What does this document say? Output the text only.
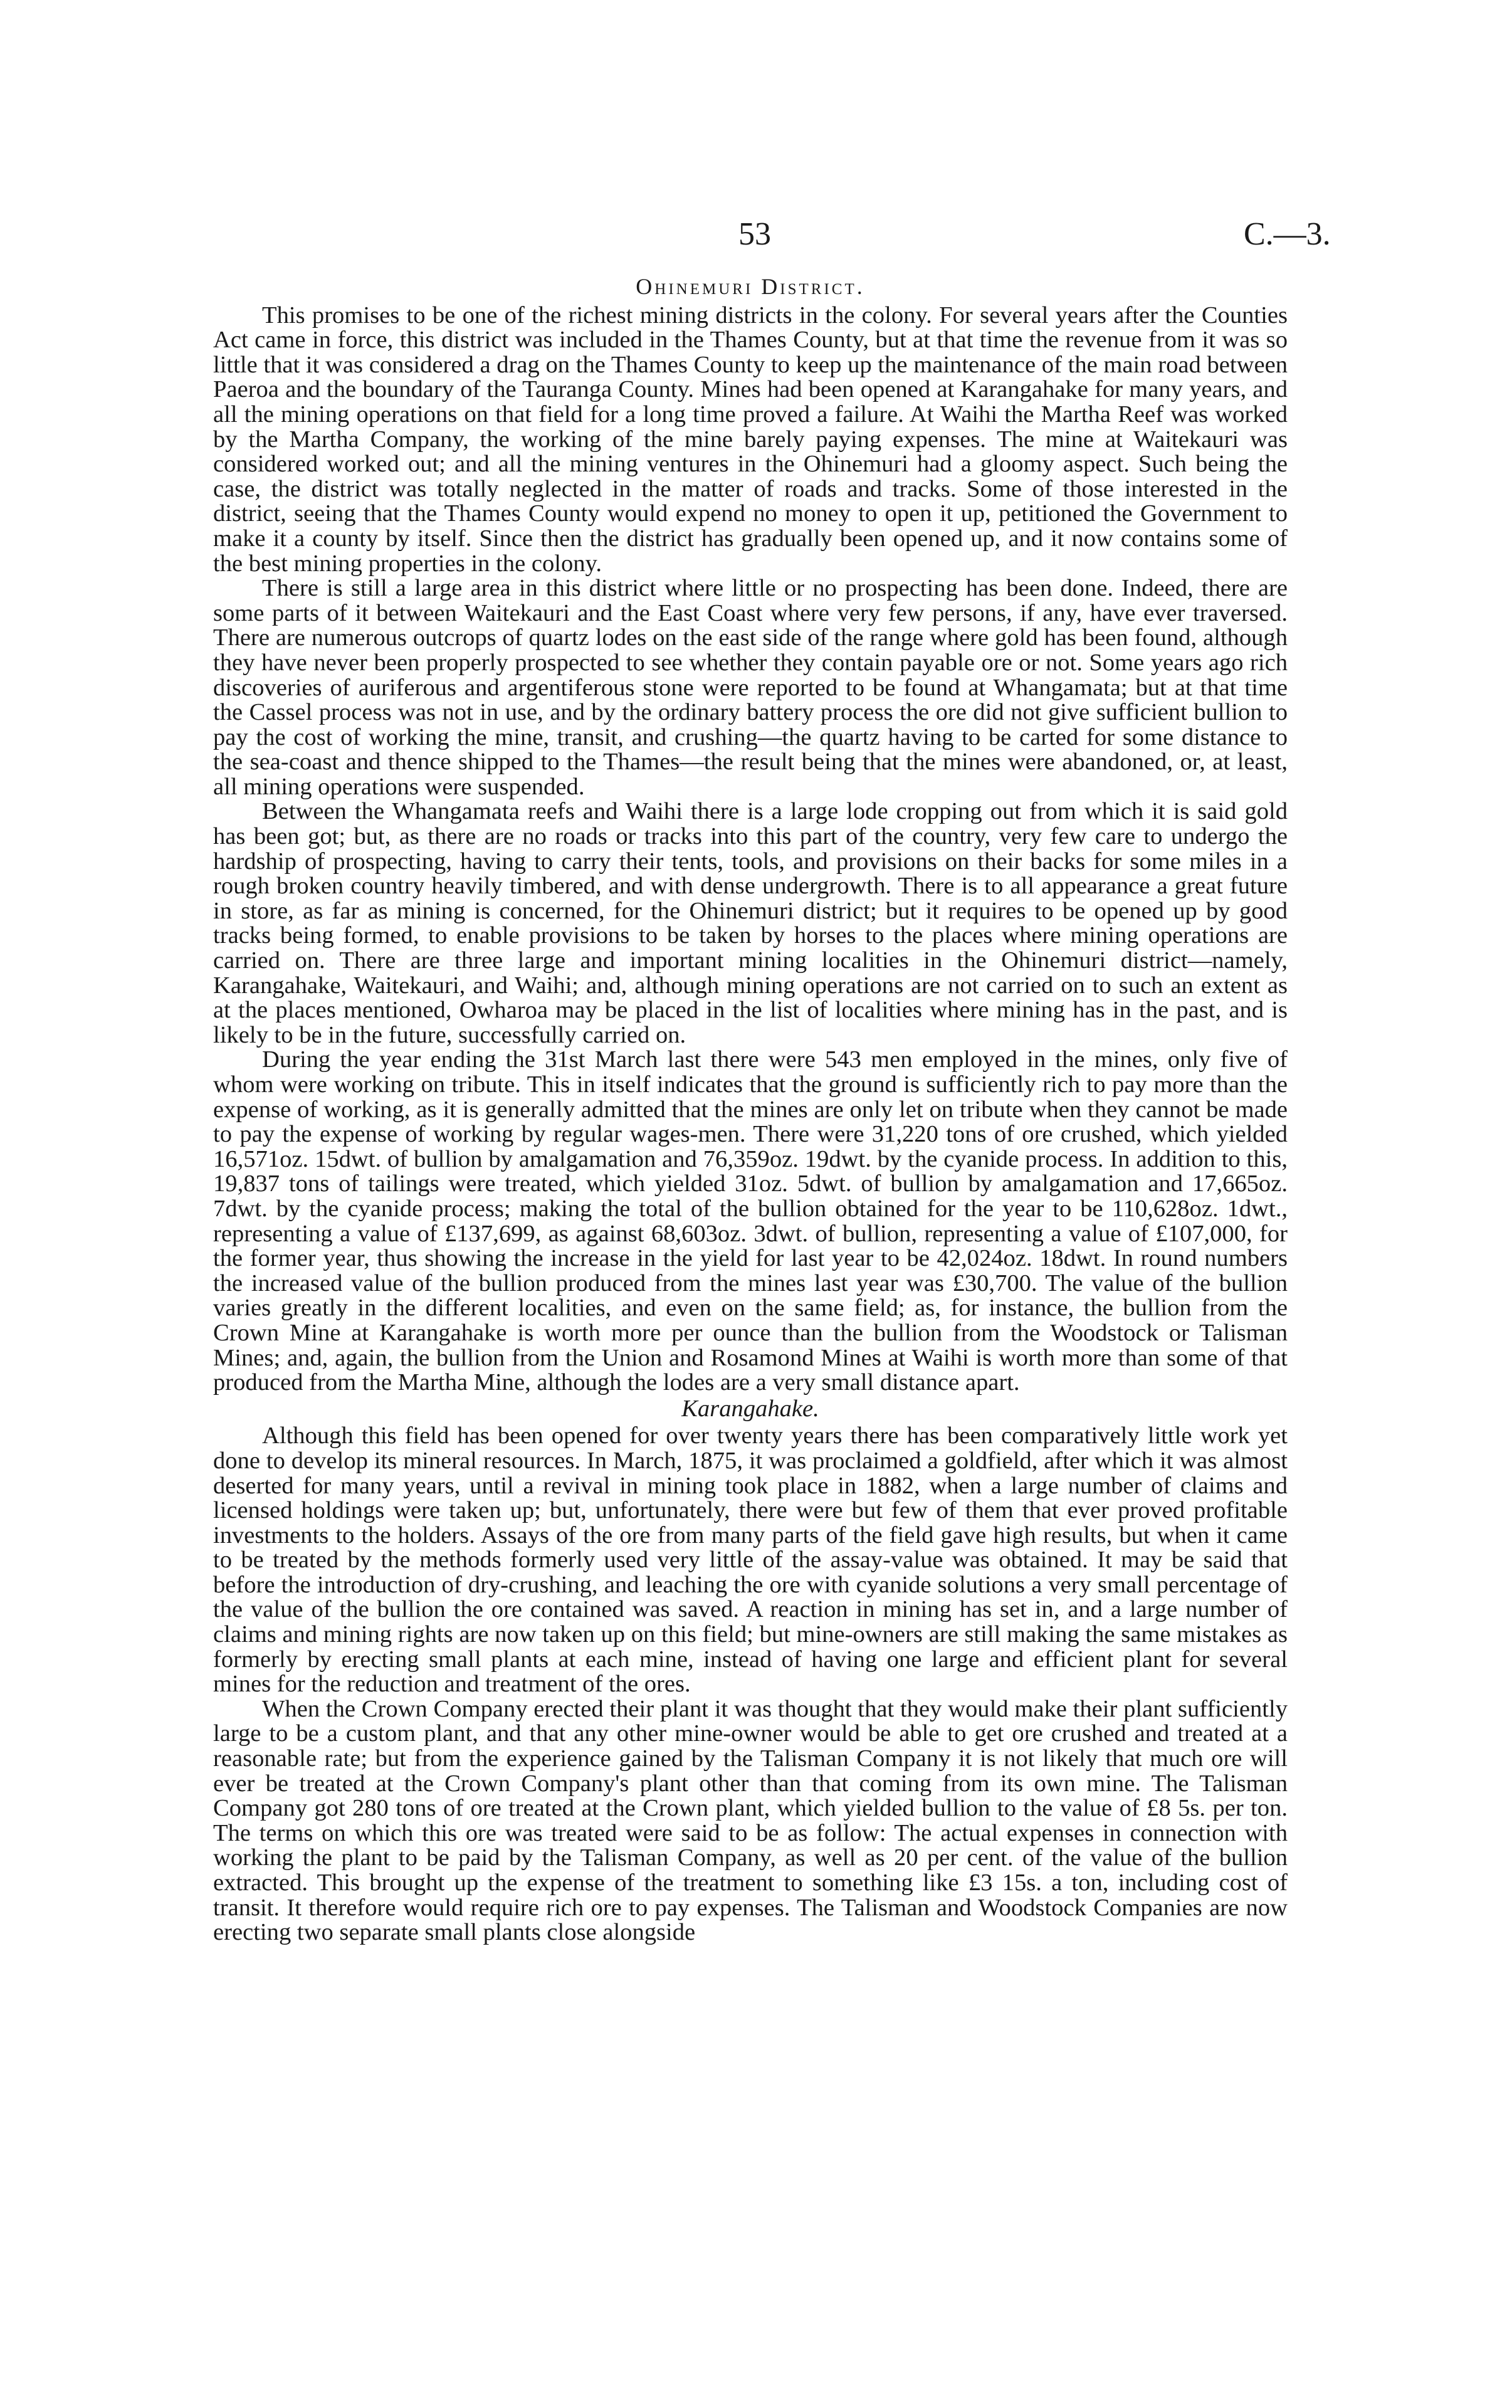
53	C.—3.
Ohinemuri District.

This promises to be one of the richest mining districts in the colony. For several years after the Counties Act came in force, this district was included in the Thames County, but at that time the revenue from it was so little that it was considered a drag on the Thames County to keep up the maintenance of the main road between Paeroa and the boundary of the Tauranga County. Mines had been opened at Karangahake for many years, and all the mining operations on that field for a long time proved a failure. At Waihi the Martha Reef was worked by the Martha Company, the working of the mine barely paying expenses. The mine at Waitekauri was considered worked out; and all the mining ventures in the Ohinemuri had a gloomy aspect. Such being the case, the district was totally neglected in the matter of roads and tracks. Some of those interested in the district, seeing that the Thames County would expend no money to open it up, petitioned the Government to make it a county by itself. Since then the district has gradually been opened up, and it now contains some of the best mining properties in the colony.

There is still a large area in this district where little or no prospecting has been done. Indeed, there are some parts of it between Waitekauri and the East Coast where very few persons, if any, have ever traversed. There are numerous outcrops of quartz lodes on the east side of the range where gold has been found, although they have never been properly prospected to see whether they contain payable ore or not. Some years ago rich discoveries of auriferous and argentiferous stone were reported to be found at Whangamata; but at that time the Cassel process was not in use, and by the ordinary battery process the ore did not give sufficient bullion to pay the cost of working the mine, transit, and crushing—the quartz having to be carted for some distance to the sea-coast and thence shipped to the Thames—the result being that the mines were abandoned, or, at least, all mining operations were suspended.

Between the Whangamata reefs and Waihi there is a large lode cropping out from which it is said gold has been got; but, as there are no roads or tracks into this part of the country, very few care to undergo the hardship of prospecting, having to carry their tents, tools, and provisions on their backs for some miles in a rough broken country heavily timbered, and with dense undergrowth. There is to all appearance a great future in store, as far as mining is concerned, for the Ohinemuri district; but it requires to be opened up by good tracks being formed, to enable provisions to be taken by horses to the places where mining operations are carried on. There are three large and important mining localities in the Ohinemuri district—namely, Karangahake, Waitekauri, and Waihi; and, although mining operations are not carried on to such an extent as at the places mentioned, Owharoa may be placed in the list of localities where mining has in the past, and is likely to be in the future, successfully carried on.

During the year ending the 31st March last there were 543 men employed in the mines, only five of whom were working on tribute. This in itself indicates that the ground is sufficiently rich to pay more than the expense of working, as it is generally admitted that the mines are only let on tribute when they cannot be made to pay the expense of working by regular wages-men. There were 31,220 tons of ore crushed, which yielded 16,571oz. 15dwt. of bullion by amalgamation and 76,359oz. 19dwt. by the cyanide process. In addition to this, 19,837 tons of tailings were treated, which yielded 31oz. 5dwt. of bullion by amalgamation and 17,665oz. 7dwt. by the cyanide process; making the total of the bullion obtained for the year to be 110,628oz. 1dwt., representing a value of £137,699, as against 68,603oz. 3dwt. of bullion, representing a value of £107,000, for the former year, thus showing the increase in the yield for last year to be 42,024oz. 18dwt. In round numbers the increased value of the bullion produced from the mines last year was £30,700. The value of the bullion varies greatly in the different localities, and even on the same field; as, for instance, the bullion from the Crown Mine at Karangahake is worth more per ounce than the bullion from the Woodstock or Talisman Mines; and, again, the bullion from the Union and Rosamond Mines at Waihi is worth more than some of that produced from the Martha Mine, although the lodes are a very small distance apart.

Karangahake.

Although this field has been opened for over twenty years there has been comparatively little work yet done to develop its mineral resources. In March, 1875, it was proclaimed a goldfield, after which it was almost deserted for many years, until a revival in mining took place in 1882, when a large number of claims and licensed holdings were taken up; but, unfortunately, there were but few of them that ever proved profitable investments to the holders. Assays of the ore from many parts of the field gave high results, but when it came to be treated by the methods formerly used very little of the assay-value was obtained. It may be said that before the introduction of dry-crushing, and leaching the ore with cyanide solutions a very small percentage of the value of the bullion the ore contained was saved. A reaction in mining has set in, and a large number of claims and mining rights are now taken up on this field; but mine-owners are still making the same mistakes as formerly by erecting small plants at each mine, instead of having one large and efficient plant for several mines for the reduction and treatment of the ores.

When the Crown Company erected their plant it was thought that they would make their plant sufficiently large to be a custom plant, and that any other mine-owner would be able to get ore crushed and treated at a reasonable rate; but from the experience gained by the Talisman Company it is not likely that much ore will ever be treated at the Crown Company's plant other than that coming from its own mine. The Talisman Company got 280 tons of ore treated at the Crown plant, which yielded bullion to the value of £8 5s. per ton. The terms on which this ore was treated were said to be as follow: The actual expenses in connection with working the plant to be paid by the Talisman Company, as well as 20 per cent. of the value of the bullion extracted. This brought up the expense of the treatment to something like £3 15s. a ton, including cost of transit. It therefore would require rich ore to pay expenses. The Talisman and Woodstock Companies are now erecting two separate small plants close alongside
